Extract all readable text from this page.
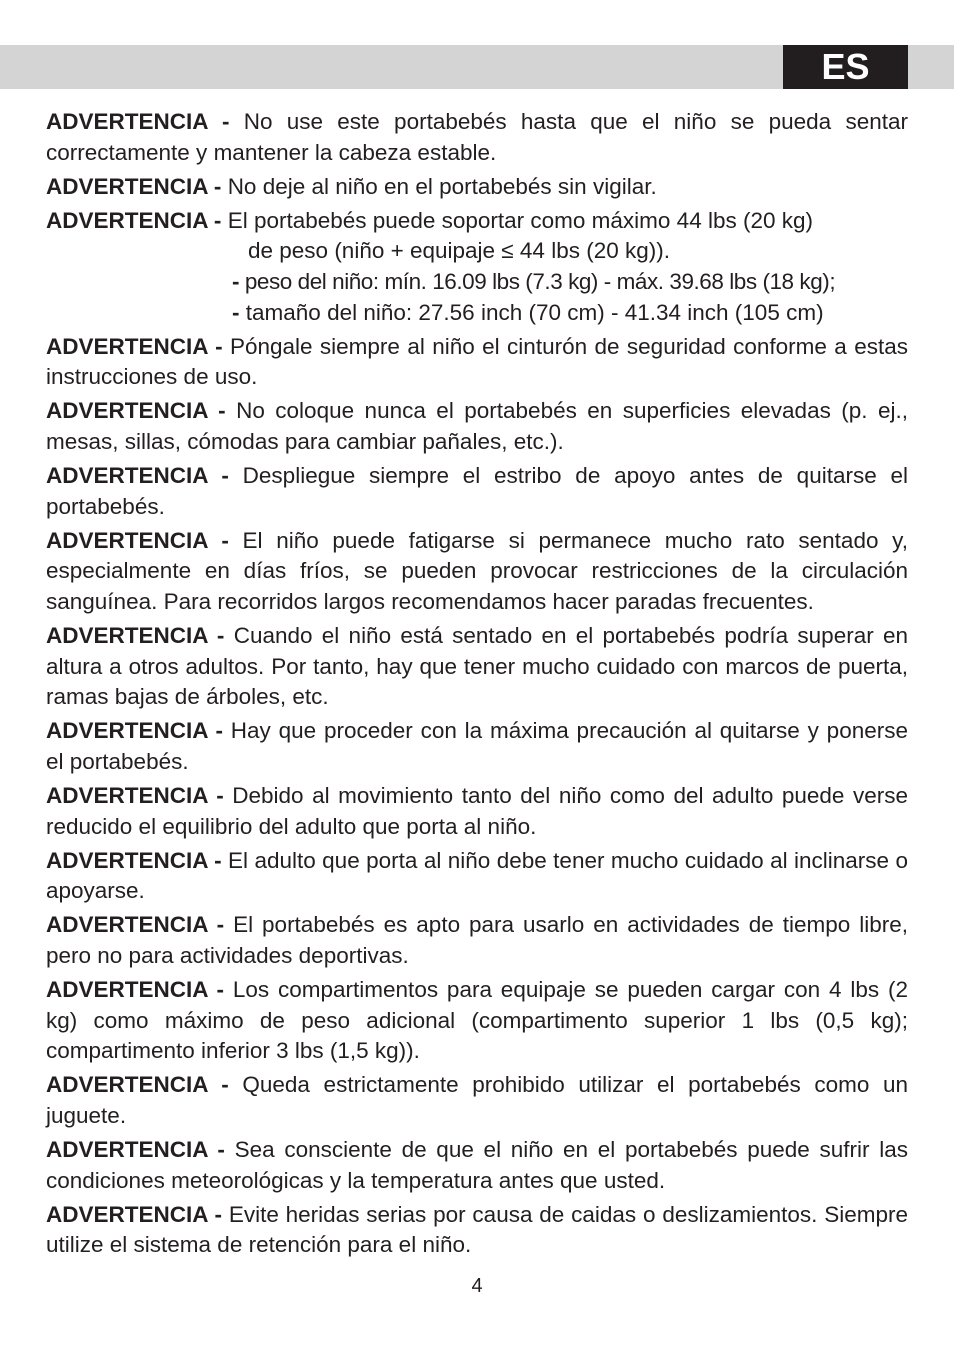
ES

ADVERTENCIA - No use este portabebés hasta que el niño se pueda sentar correctamente y mantener la cabeza estable.

ADVERTENCIA - No deje al niño en el portabebés sin vigilar.

ADVERTENCIA - El portabebés puede soportar como máximo 44 lbs (20 kg)

de peso (niño + equipaje ≤ 44 lbs (20 kg)).

- peso del niño: mín. 16.09 lbs (7.3 kg) - máx. 39.68 lbs (18 kg);

- tamaño del niño: 27.56 inch (70 cm) - 41.34 inch (105 cm)

ADVERTENCIA - Póngale siempre al niño el cinturón de seguridad conforme a estas instrucciones de uso.

ADVERTENCIA - No coloque nunca el portabebés en superficies elevadas (p. ej., mesas, sillas, cómodas para cambiar pañales, etc.).

ADVERTENCIA - Despliegue siempre el estribo de apoyo antes de quitarse el portabebés.

ADVERTENCIA - El niño puede fatigarse si permanece mucho rato sentado y, especialmente en días fríos, se pueden provocar restricciones de la circulación sanguínea. Para recorridos largos recomendamos hacer paradas frecuentes.

ADVERTENCIA - Cuando el niño está sentado en el portabebés podría superar en altura a otros adultos. Por tanto, hay que tener mucho cuidado con marcos de puerta, ramas bajas de árboles, etc.

ADVERTENCIA - Hay que proceder con la máxima precaución al quitarse y ponerse el portabebés.

ADVERTENCIA - Debido al movimiento tanto del niño como del adulto puede verse reducido el equilibrio del adulto que porta al niño.

ADVERTENCIA - El adulto que porta al niño debe tener mucho cuidado al inclinarse o apoyarse.

ADVERTENCIA - El portabebés es apto para usarlo en actividades de tiempo libre, pero no para actividades deportivas.

ADVERTENCIA - Los compartimentos para equipaje se pueden cargar con 4 lbs (2 kg) como máximo de peso adicional (compartimento superior 1 lbs (0,5 kg); compartimento inferior 3 lbs (1,5 kg)).

ADVERTENCIA - Queda estrictamente prohibido utilizar el portabebés como un juguete.

ADVERTENCIA - Sea consciente de que el niño en el portabebés puede sufrir las condiciones meteorológicas y la temperatura antes que usted.

ADVERTENCIA - Evite heridas serias por causa de caidas o deslizamientos. Siempre utilize el sistema de retención para el niño.

4
